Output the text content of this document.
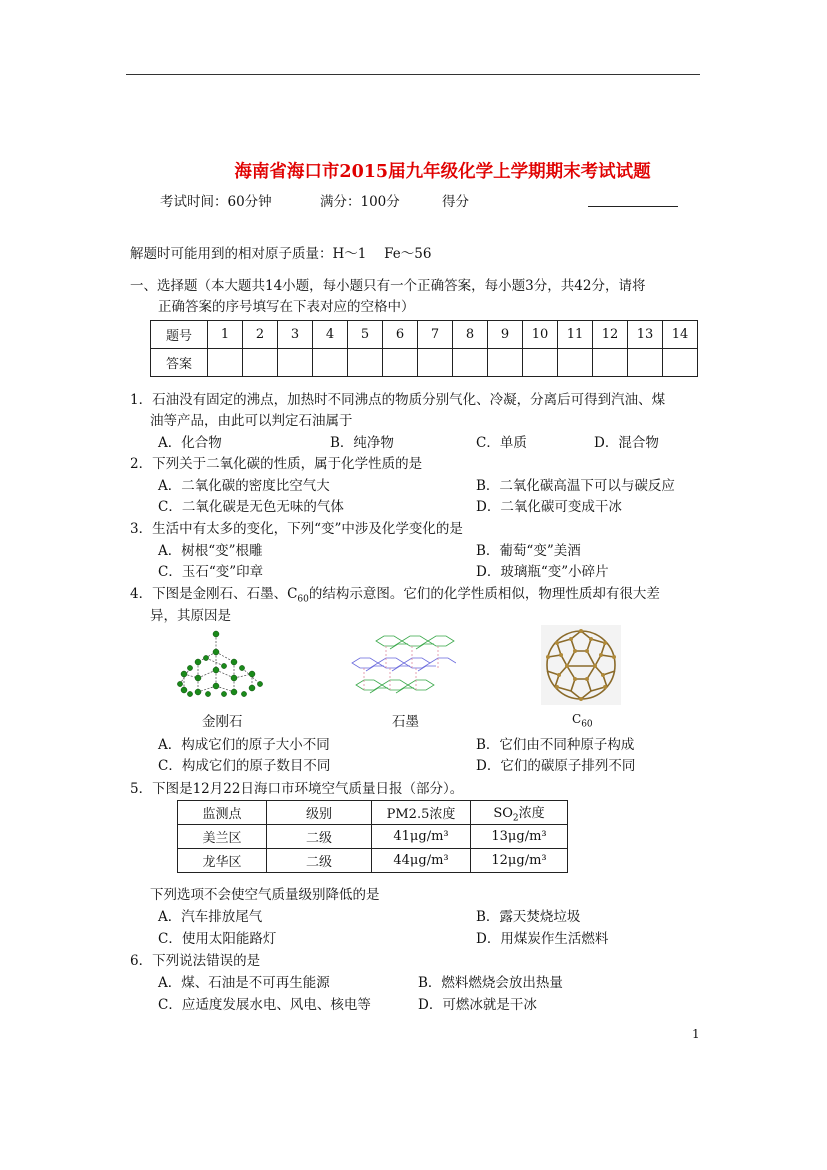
海南省海口市2015届九年级化学上学期期末考试试题
考试时间：60分钟	满分：100分	得分
解题时可能用到的相对原子质量：H～1　 Fe～56
一、选择题（本大题共14小题，每小题只有一个正确答案，每小题3分，共42分，请将
正确答案的序号填写在下表对应的空格中）
题号	1	2	3	4	5	6	7	8	9	10	11	12	13	14
答案														
1．石油没有固定的沸点，加热时不同沸点的物质分别气化、冷凝，分离后可得到汽油、煤
油等产品，由此可以判定石油属于
A．化合物	B．纯净物	C．单质	D．混合物
2．下列关于二氧化碳的性质，属于化学性质的是
A．二氧化碳的密度比空气大	B．二氧化碳高温下可以与碳反应
C．二氧化碳是无色无味的气体	D．二氧化碳可变成干冰
3．生活中有太多的变化，下列“变”中涉及化学变化的是
A．树根“变”根雕	B．葡萄“变”美酒
C．玉石“变”印章	D．玻璃瓶“变”小碎片
4．下图是金刚石、石墨、$C_{60}$的结构示意图。它们的化学性质相似，物理性质却有很大差
异，其原因是
金刚石	石墨	$C_{60}$
A．构成它们的原子大小不同	B．它们由不同种原子构成
C．构成它们的原子数目不同	D．它们的碳原子排列不同
5．下图是12月22日海口市环境空气质量日报（部分）。
监测点	级别	PM2.5浓度	$SO_2$浓度
美兰区	二级	41μg/m³	13μg/m³
龙华区	二级	44μg/m³	12μg/m³
下列选项不会使空气质量级别降低的是
A．汽车排放尾气	B．露天焚烧垃圾
C．使用太阳能路灯	D．用煤炭作生活燃料
6．下列说法错误的是
A．煤、石油是不可再生能源	B．燃料燃烧会放出热量
C．应适度发展水电、风电、核电等	D．可燃冰就是干冰
1
